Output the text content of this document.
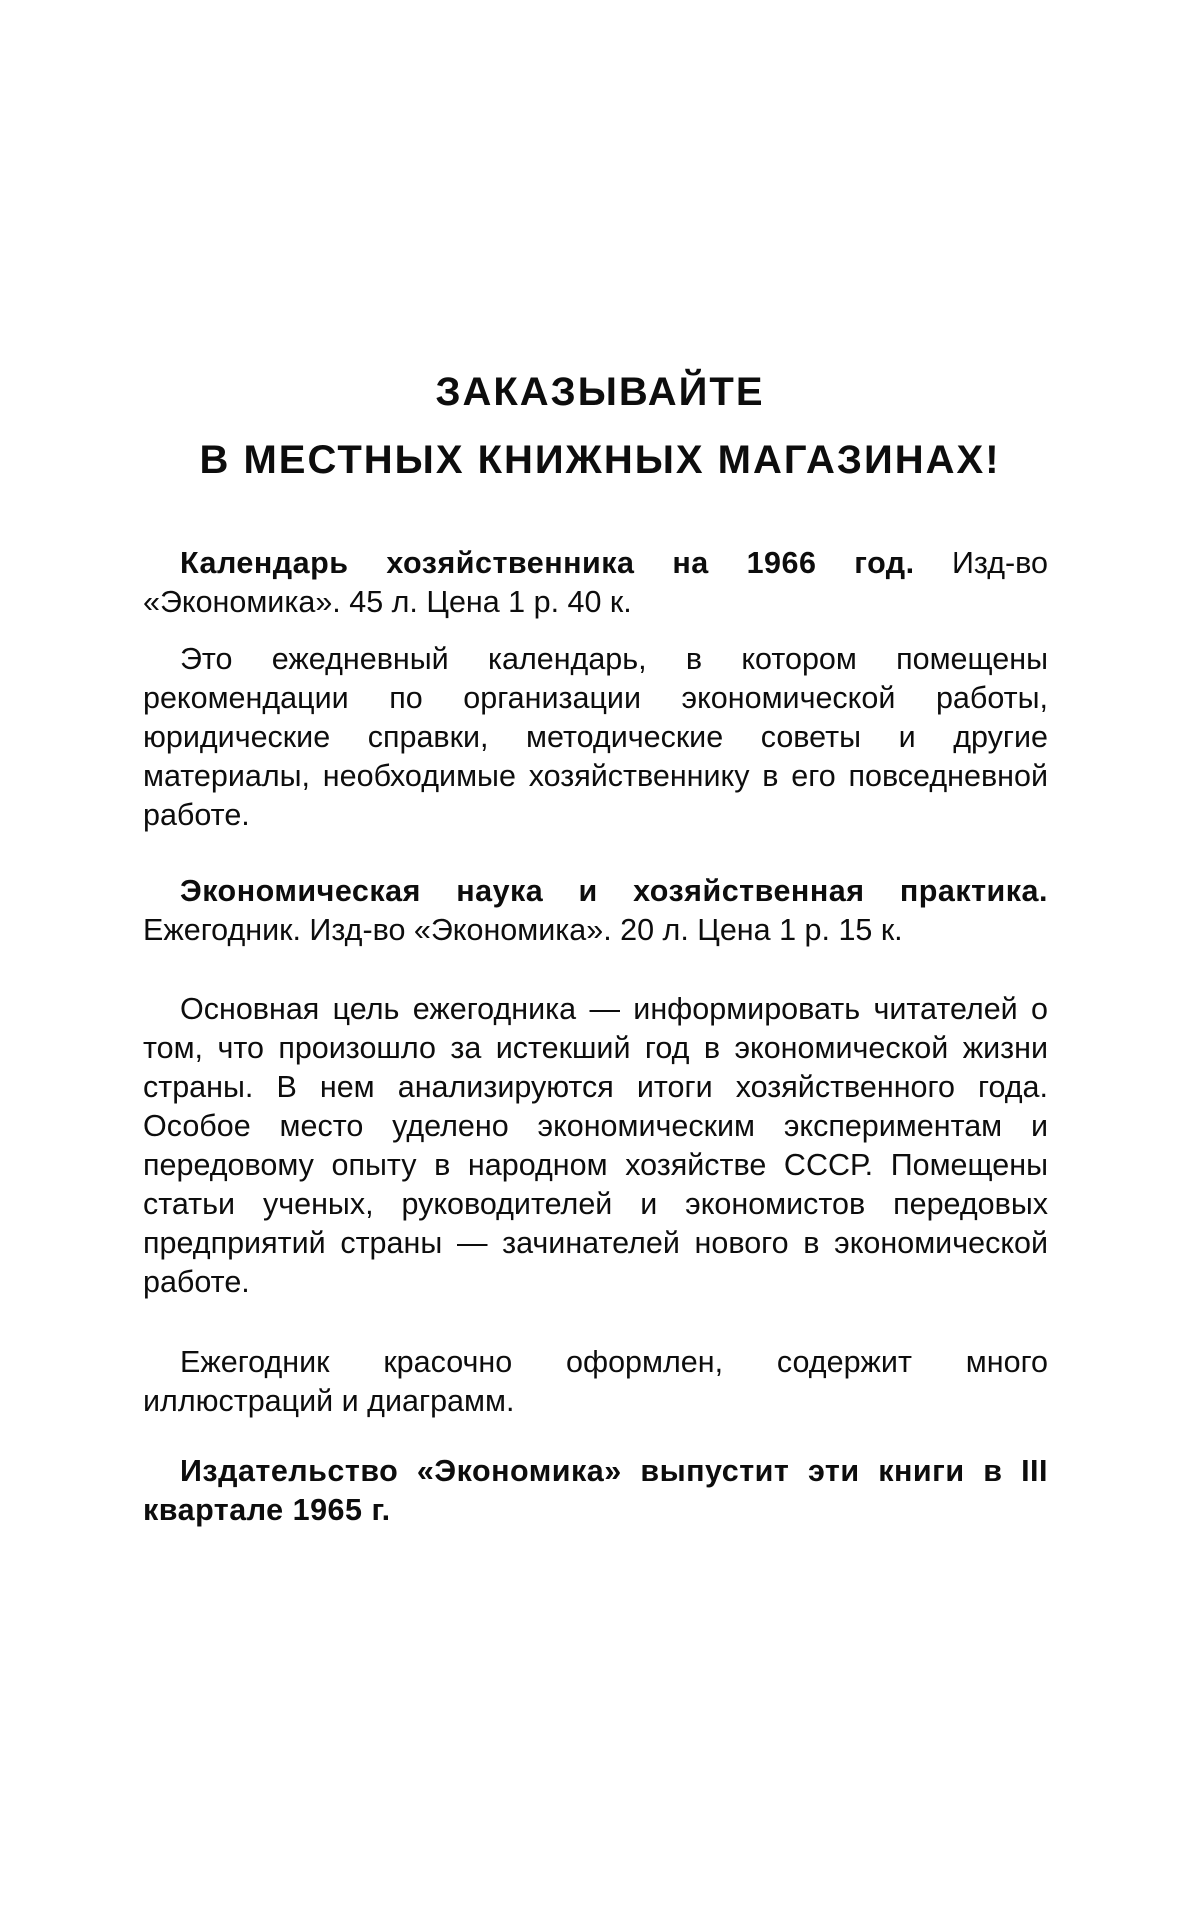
ЗАКАЗЫВАЙТЕ
В МЕСТНЫХ КНИЖНЫХ МАГАЗИНАХ!

Календарь хозяйственника на 1966 год. Изд-во «Экономика». 45 л. Цена 1 р. 40 к.

Это ежедневный календарь, в котором помещены рекомендации по организации экономической работы, юридические справки, методические советы и другие материалы, необходимые хозяйственнику в его повседневной работе.

Экономическая наука и хозяйственная практика. Ежегодник. Изд-во «Экономика». 20 л. Цена 1 р. 15 к.

Основная цель ежегодника — информировать читателей о том, что произошло за истекший год в экономической жизни страны. В нем анализируются итоги хозяйственного года. Особое место уделено экономическим экспериментам и передовому опыту в народном хозяйстве СССР. Помещены статьи ученых, руководителей и экономистов передовых предприятий страны — зачинателей нового в экономической работе.

Ежегодник красочно оформлен, содержит много иллюстраций и диаграмм.

Издательство «Экономика» выпустит эти книги в III квартале 1965 г.
